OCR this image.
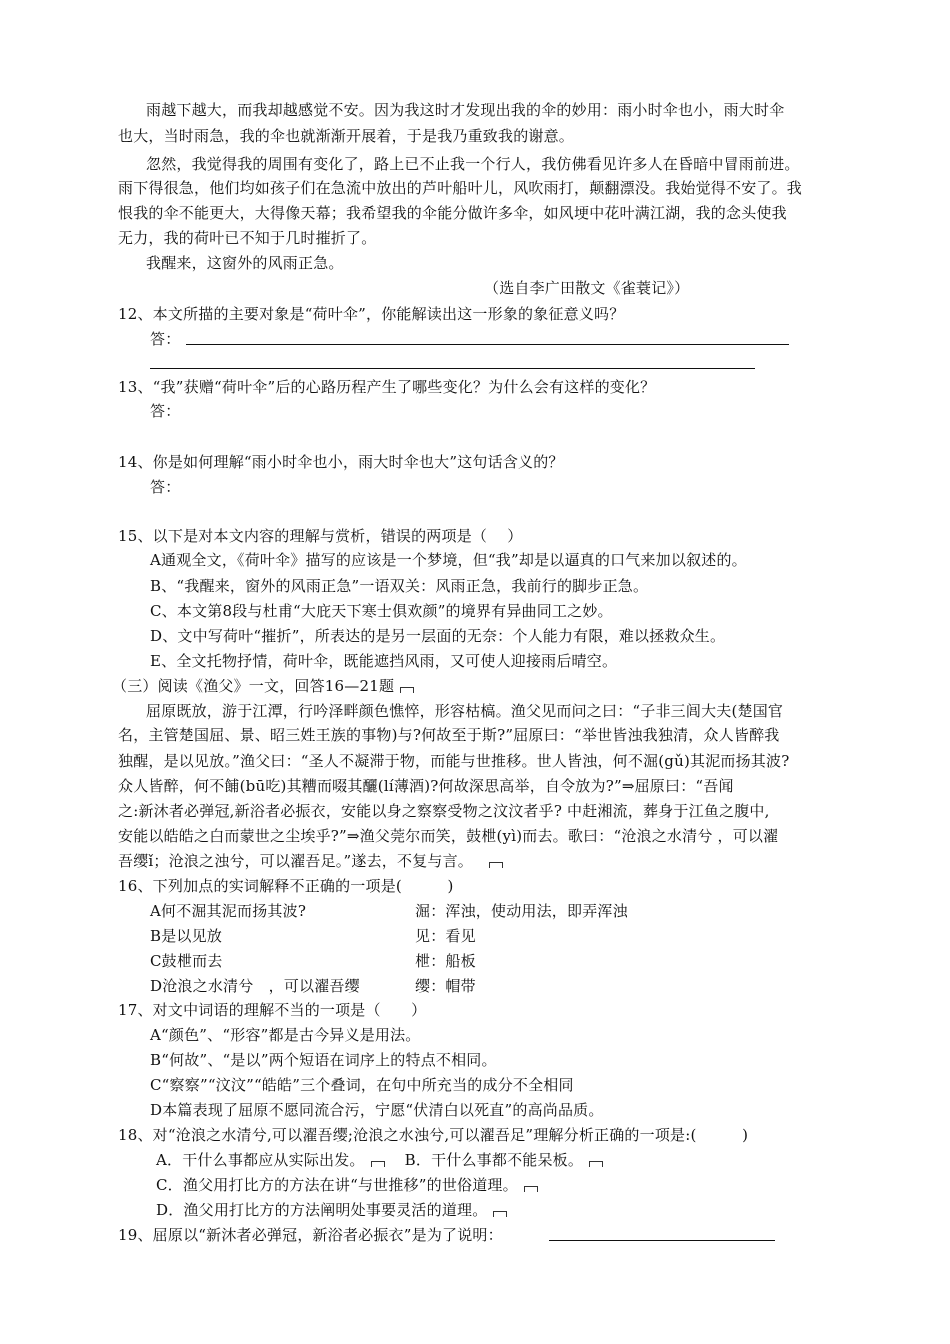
雨越下越大，而我却越感觉不安。因为我这时才发现出我的伞的妙用：雨小时伞也小，雨大时伞
也大，当时雨急，我的伞也就渐渐开展着，于是我乃重致我的谢意。
忽然，我觉得我的周围有变化了，路上已不止我一个行人，我仿佛看见许多人在昏暗中冒雨前进。
雨下得很急，他们均如孩子们在急流中放出的芦叶船叶儿，风吹雨打，颠翻漂没。我始觉得不安了。我
恨我的伞不能更大，大得像天幕；我希望我的伞能分做许多伞，如风埂中花叶满江湖，我的念头使我
无力，我的荷叶已不知于几时摧折了。
我醒来，这窗外的风雨正急。
（选自李广田散文《雀蓑记》）
12、本文所描的主要对象是“荷叶伞”，你能解读出这一形象的象征意义吗？
答：
13、“我”获赠“荷叶伞”后的心路历程产生了哪些变化？为什么会有这样的变化？
答：
14、你是如何理解“雨小时伞也小，雨大时伞也大”这句话含义的？
答：
15、以下是对本文内容的理解与赏析，错误的两项是（　 ）
A通观全文，《荷叶伞》描写的应该是一个梦境，但“我”却是以逼真的口气来加以叙述的。
B、“我醒来，窗外的风雨正急”一语双关：风雨正急，我前行的脚步正急。
C、本文第8段与杜甫“大庇天下寒士俱欢颜”的境界有异曲同工之妙。
D、文中写荷叶“摧折”，所表达的是另一层面的无奈：个人能力有限，难以拯救众生。
E、全文托物抒情，荷叶伞，既能遮挡风雨，又可使人迎接雨后晴空。
（三）阅读《渔父》一文，回答16—21题
屈原既放，游于江潭，行吟泽畔颜色憔悴，形容枯槁。渔父见而问之曰：“子非三闾大夫(楚国官
名，主管楚国屈、景、昭三姓王族的事物)与?何故至于斯?”屈原曰：“举世皆浊我独清，众人皆醉我
独醒，是以见放。”渔父曰：“圣人不凝滞于物，而能与世推移。世人皆浊，何不淈(gǔ)其泥而扬其波?
众人皆醉，何不餔(bū吃)其糟而啜其釃(lí薄酒)?何故深思高举，自令放为?”⇒屈原曰：“吾闻
之:新沐者必弹冠,新浴者必振衣，安能以身之察察受物之汶汶者乎? 中赶湘流，葬身于江鱼之腹中,
安能以皓皓之白而蒙世之尘埃乎?”⇒渔父莞尔而笑，鼓枻(yì)而去。歌曰：“沧浪之水清兮 ，可以濯
吾缨ǐ；沧浪之浊兮，可以濯吾足。”遂去，不复与言。
16、下列加点的实词解释不正确的一项是(　　　)
A何不淈其泥而扬其波?	淈：浑浊，使动用法，即弄浑浊
B是以见放	见：看见
C鼓枻而去	枻：船板
D沧浪之水清兮　，可以濯吾缨	缨：帽带
17、对文中词语的理解不当的一项是（　　）
A“颜色”、“形容”都是古今异义是用法。
B“何故”、“是以”两个短语在词序上的特点不相同。
C“察察”“汶汶”“皓皓”三个叠词，在句中所充当的成分不全相同
D本篇表现了屈原不愿同流合污，宁愿“伏清白以死直”的高尚品质。
18、对“沧浪之水清兮,可以濯吾缨;沧浪之水浊兮,可以濯吾足”理解分析正确的一项是:(　　　)
A．干什么事都应从实际出发。	B．干什么事都不能呆板。
C．渔父用打比方的方法在讲“与世推移”的世俗道理。
D．渔父用打比方的方法阐明处事要灵活的道理。
19、屈原以“新沐者必弹冠，新浴者必振衣”是为了说明：
